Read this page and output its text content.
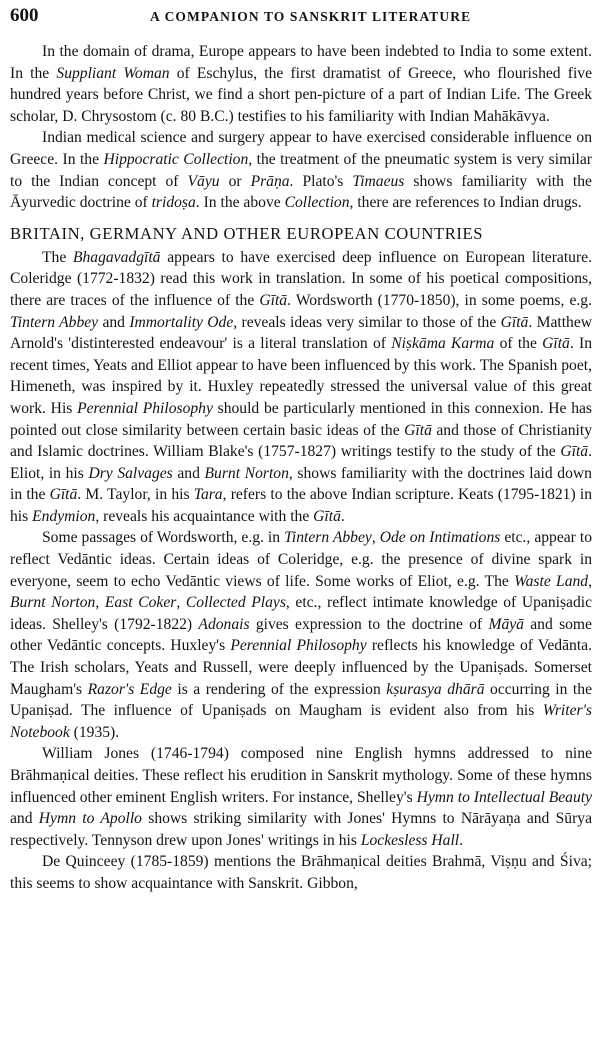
600	A COMPANION TO SANSKRIT LITERATURE

In the domain of drama, Europe appears to have been indebted to India to some extent. In the Suppliant Woman of Eschylus, the first dramatist of Greece, who flourished five hundred years before Christ, we find a short pen-picture of a part of Indian Life. The Greek scholar, D. Chrysostom (c. 80 B.C.) testifies to his familiarity with Indian Mahākāvya.

Indian medical science and surgery appear to have exercised considerable influence on Greece. In the Hippocratic Collection, the treatment of the pneumatic system is very similar to the Indian concept of Vāyu or Prāṇa. Plato's Timaeus shows familiarity with the Āyurvedic doctrine of tridoṣa. In the above Collection, there are references to Indian drugs.

BRITAIN, GERMANY AND OTHER EUROPEAN COUNTRIES

The Bhagavadgītā appears to have exercised deep influence on European literature. Coleridge (1772-1832) read this work in translation. In some of his poetical compositions, there are traces of the influence of the Gītā. Wordsworth (1770-1850), in some poems, e.g. Tintern Abbey and Immortality Ode, reveals ideas very similar to those of the Gītā. Matthew Arnold's 'distinterested endeavour' is a literal translation of Niṣkāma Karma of the Gītā. In recent times, Yeats and Elliot appear to have been influenced by this work. The Spanish poet, Himeneth, was inspired by it. Huxley repeatedly stressed the universal value of this great work. His Perennial Philosophy should be particularly mentioned in this connexion. He has pointed out close similarity between certain basic ideas of the Gītā and those of Christianity and Islamic doctrines. William Blake's (1757-1827) writings testify to the study of the Gītā. Eliot, in his Dry Salvages and Burnt Norton, shows familiarity with the doctrines laid down in the Gītā. M. Taylor, in his Tara, refers to the above Indian scripture. Keats (1795-1821) in his Endymion, reveals his acquaintance with the Gītā.

Some passages of Wordsworth, e.g. in Tintern Abbey, Ode on Intimations etc., appear to reflect Vedāntic ideas. Certain ideas of Coleridge, e.g. the presence of divine spark in everyone, seem to echo Vedāntic views of life. Some works of Eliot, e.g. The Waste Land, Burnt Norton, East Coker, Collected Plays, etc., reflect intimate knowledge of Upaniṣadic ideas. Shelley's (1792-1822) Adonais gives expression to the doctrine of Māyā and some other Vedāntic concepts. Huxley's Perennial Philosophy reflects his knowledge of Vedānta. The Irish scholars, Yeats and Russell, were deeply influenced by the Upaniṣads. Somerset Maugham's Razor's Edge is a rendering of the expression kṣurasya dhārā occurring in the Upaniṣad. The influence of Upaniṣads on Maugham is evident also from his Writer's Notebook (1935).

William Jones (1746-1794) composed nine English hymns addressed to nine Brāhmaṇical deities. These reflect his erudition in Sanskrit mythology. Some of these hymns influenced other eminent English writers. For instance, Shelley's Hymn to Intellectual Beauty and Hymn to Apollo shows striking similarity with Jones' Hymns to Nārāyaṇa and Sūrya respectively. Tennyson drew upon Jones' writings in his Lockesless Hall.

De Quinceey (1785-1859) mentions the Brāhmaṇical deities Brahmā, Viṣṇu and Śiva; this seems to show acquaintance with Sanskrit. Gibbon,
